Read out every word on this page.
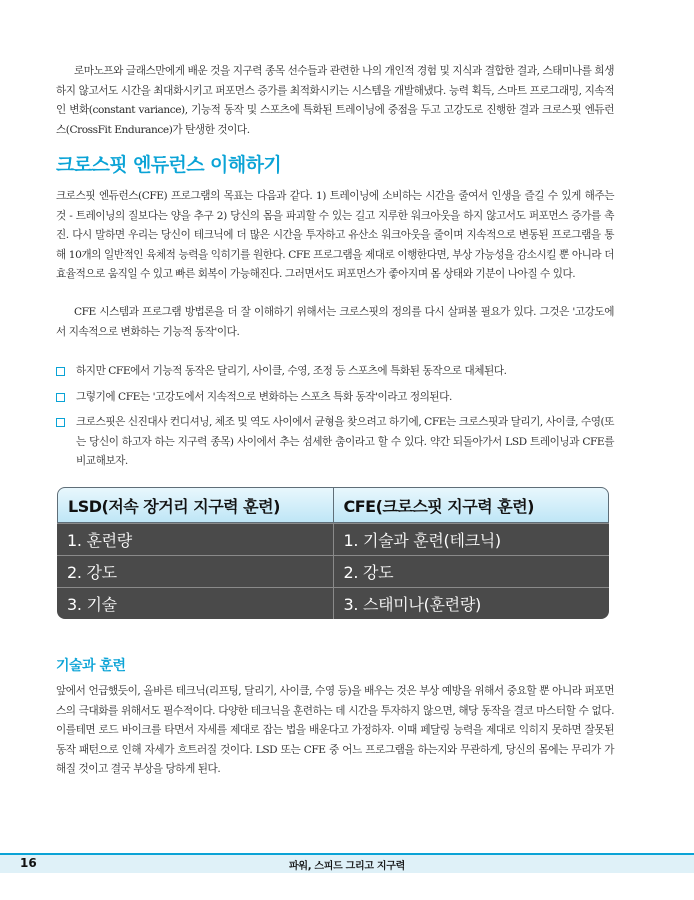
로마노프와 글래스만에게 배운 것을 지구력 종목 선수들과 관련한 나의 개인적 경험 및 지식과 결합한 결과, 스태미나를 희생하지 않고서도 시간을 최대화시키고 퍼포먼스 증가를 최적화시키는 시스템을 개발해냈다. 능력 획득, 스마트 프로그래밍, 지속적인 변화(constant variance), 기능적 동작 및 스포츠에 특화된 트레이닝에 중점을 두고 고강도로 진행한 결과 크로스핏 엔듀런스(CrossFit Endurance)가 탄생한 것이다.

크로스핏 엔듀런스 이해하기

크로스핏 엔듀런스(CFE) 프로그램의 목표는 다음과 같다. 1) 트레이닝에 소비하는 시간을 줄여서 인생을 즐길 수 있게 해주는 것 - 트레이닝의 질보다는 양을 추구 2) 당신의 몸을 파괴할 수 있는 길고 지루한 워크아웃을 하지 않고서도 퍼포먼스 증가를 촉진. 다시 말하면 우리는 당신이 테크닉에 더 많은 시간을 투자하고 유산소 워크아웃을 줄이며 지속적으로 변동된 프로그램을 통해 10개의 일반적인 육체적 능력을 익히기를 원한다. CFE 프로그램을 제대로 이행한다면, 부상 가능성을 감소시킬 뿐 아니라 더 효율적으로 움직일 수 있고 빠른 회복이 가능해진다. 그러면서도 퍼포먼스가 좋아지며 몸 상태와 기분이 나아질 수 있다.

CFE 시스템과 프로그램 방법론을 더 잘 이해하기 위해서는 크로스핏의 정의를 다시 살펴볼 필요가 있다. 그것은 '고강도에서 지속적으로 변화하는 기능적 동작'이다.

하지만 CFE에서 기능적 동작은 달리기, 사이클, 수영, 조정 등 스포츠에 특화된 동작으로 대체된다.
그렇기에 CFE는 '고강도에서 지속적으로 변화하는 스포츠 특화 동작'이라고 정의된다.
크로스핏은 신진대사 컨디셔닝, 체조 및 역도 사이에서 균형을 찾으려고 하기에, CFE는 크로스핏과 달리기, 사이클, 수영(또는 당신이 하고자 하는 지구력 종목) 사이에서 추는 섬세한 춤이라고 할 수 있다. 약간 되돌아가서 LSD 트레이닝과 CFE를 비교해보자.
LSD(저속 장거리 지구력 훈련)	CFE(크로스핏 지구력 훈련)
1. 훈련량	1. 기술과 훈련(테크닉)
2. 강도	2. 강도
3. 기술	3. 스태미나(훈련량)
기술과 훈련

앞에서 언급했듯이, 올바른 테크닉(리프팅, 달리기, 사이클, 수영 등)을 배우는 것은 부상 예방을 위해서 중요할 뿐 아니라 퍼포먼스의 극대화를 위해서도 필수적이다. 다양한 테크닉을 훈련하는 데 시간을 투자하지 않으면, 해당 동작을 결코 마스터할 수 없다. 이를테면 로드 바이크를 타면서 자세를 제대로 잡는 법을 배운다고 가정하자. 이때 페달링 능력을 제대로 익히지 못하면 잘못된 동작 패턴으로 인해 자세가 흐트러질 것이다. LSD 또는 CFE 중 어느 프로그램을 하는지와 무관하게, 당신의 몸에는 무리가 가해질 것이고 결국 부상을 당하게 된다.

16	파워, 스피드 그리고 지구력
